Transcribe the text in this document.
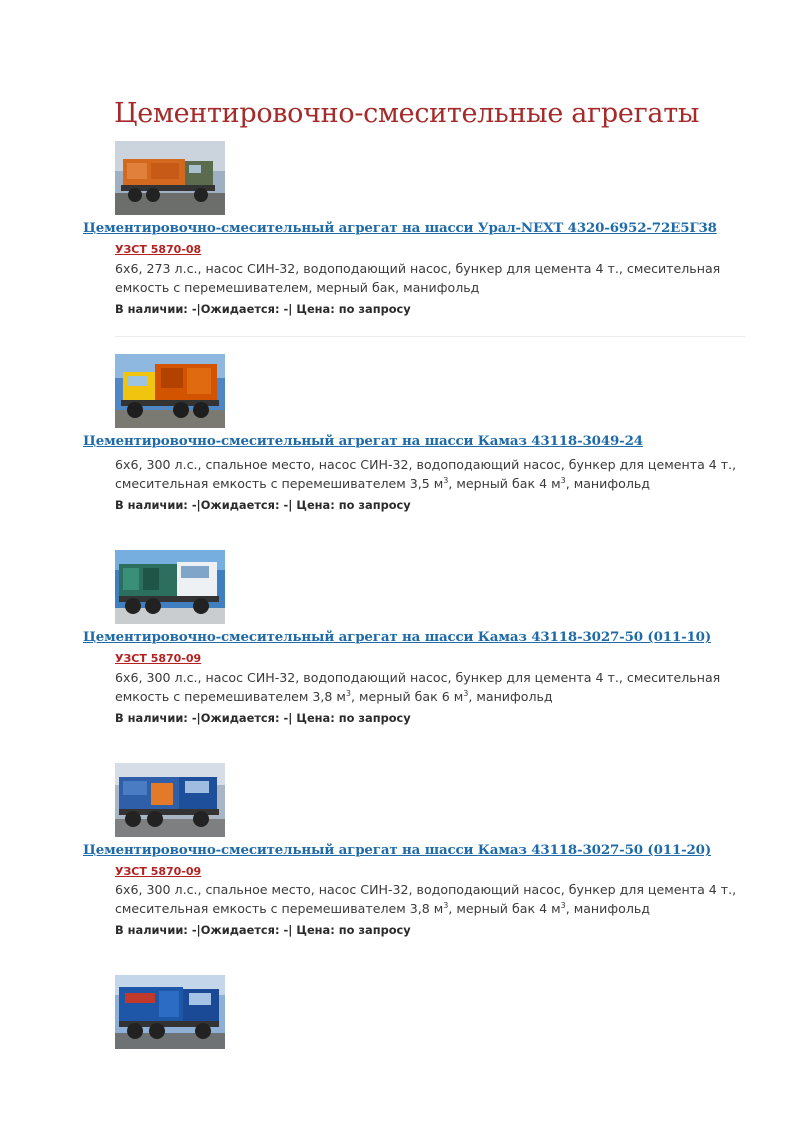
Цементировочно-смесительные агрегаты
Цементировочно-смесительный агрегат на шасси Урал-NEXT 4320-6952-72Е5Г38
УЗСТ 5870-08

6х6, 273 л.с., насос СИН-32, водоподающий насос, бункер для цемента 4 т., смесительная емкость с перемешивателем, мерный бак, манифольд

В наличии: -|Ожидается: -| Цена: по запросу
Цементировочно-смесительный агрегат на шасси Камаз 43118-3049-24

6х6, 300 л.с., спальное место, насос СИН-32, водоподающий насос, бункер для цемента 4 т., смесительная емкость с перемешивателем 3,5 $м^3$, мерный бак 4 $м^3$, манифольд

В наличии: -|Ожидается: -| Цена: по запросу
Цементировочно-смесительный агрегат на шасси Камаз 43118-3027-50 (011-10)
УЗСТ 5870-09

6х6, 300 л.с., насос СИН-32, водоподающий насос, бункер для цемента 4 т., смесительная емкость с перемешивателем 3,8 $м^3$, мерный бак 6 $м^3$, манифольд

В наличии: -|Ожидается: -| Цена: по запросу
Цементировочно-смесительный агрегат на шасси Камаз 43118-3027-50 (011-20)
УЗСТ 5870-09

6х6, 300 л.с., спальное место, насос СИН-32, водоподающий насос, бункер для цемента 4 т., смесительная емкость с перемешивателем 3,8 $м^3$, мерный бак 4 $м^3$, манифольд

В наличии: -|Ожидается: -| Цена: по запросу
